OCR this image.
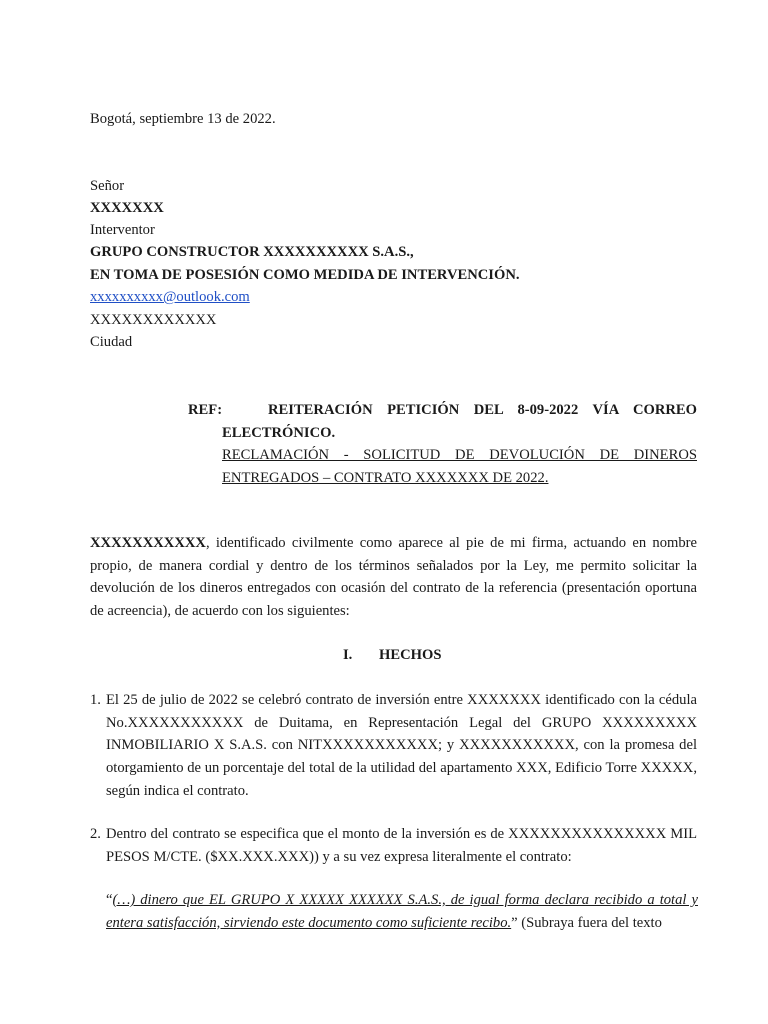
Bogotá, septiembre 13 de 2022.
Señor
XXXXXXX
Interventor
GRUPO CONSTRUCTOR XXXXXXXXXX S.A.S.,
EN TOMA DE POSESIÓN COMO MEDIDA DE INTERVENCIÓN.
xxxxxxxxxx@outlook.com
XXXXXXXXXXXX
Ciudad
REF:	REITERACIÓN PETICIÓN DEL 8-09-2022 VÍA CORREO ELECTRÓNICO.
RECLAMACIÓN - SOLICITUD DE DEVOLUCIÓN DE DINEROS ENTREGADOS – CONTRATO XXXXXXX DE 2022.
XXXXXXXXXXX, identificado civilmente como aparece al pie de mi firma, actuando en nombre propio, de manera cordial y dentro de los términos señalados por la Ley, me permito solicitar la devolución de los dineros entregados con ocasión del contrato de la referencia (presentación oportuna de acreencia), de acuerdo con los siguientes:
I. HECHOS
1. El 25 de julio de 2022 se celebró contrato de inversión entre XXXXXXX identificado con la cédula No.XXXXXXXXXXX de Duitama, en Representación Legal del GRUPO XXXXXXXXX INMOBILIARIO X S.A.S. con NITXXXXXXXXXXX; y XXXXXXXXXXX, con la promesa del otorgamiento de un porcentaje del total de la utilidad del apartamento XXX, Edificio Torre XXXXX, según indica el contrato.
2. Dentro del contrato se especifica que el monto de la inversión es de XXXXXXXXXXXXXXX MIL PESOS M/CTE. ($XX.XXX.XXX)) y a su vez expresa literalmente el contrato:
“(…) dinero que EL GRUPO X XXXXX XXXXXX S.A.S., de igual forma declara recibido a total y entera satisfacción, sirviendo este documento como suficiente recibo.” (Subraya fuera del texto
